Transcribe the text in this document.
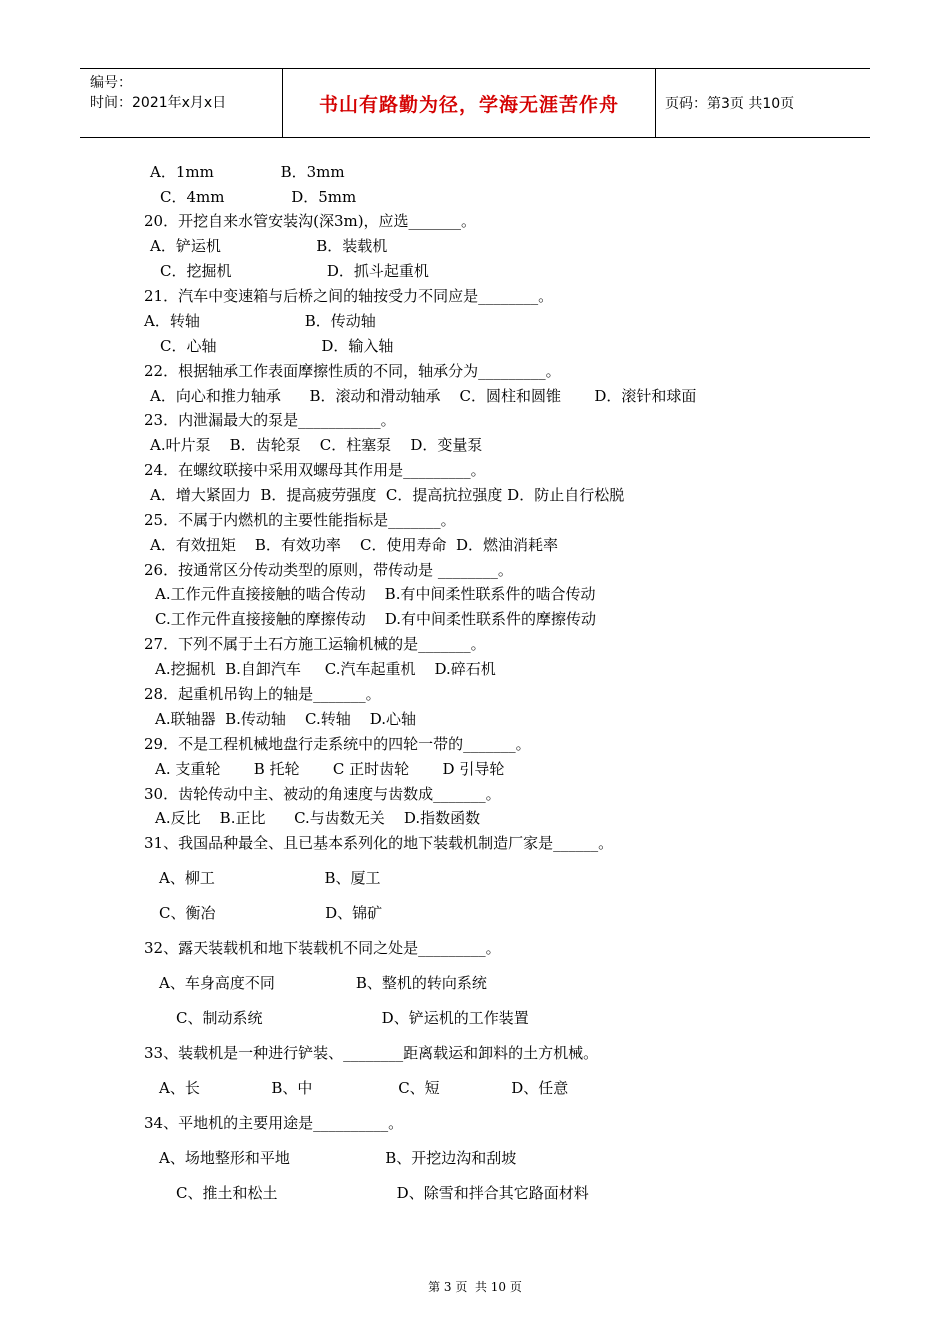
编号：
时间：2021年x月x日	书山有路勤为径，学海无涯苦作舟	页码：第3页 共10页
A．1mm              B．3mm
C．4mm              D．5mm
20．开挖自来水管安装沟(深3m)，应选_______。
A．铲运机                    B．装载机
C．挖掘机                    D．抓斗起重机
21．汽车中变速箱与后桥之间的轴按受力不同应是________。
A．转轴                      B．传动轴
C．心轴                      D．输入轴
22．根据轴承工作表面摩擦性质的不同，轴承分为_________。
A．向心和推力轴承      B．滚动和滑动轴承    C．圆柱和圆锥       D．滚针和球面
23．内泄漏最大的泵是___________。
A.叶片泵    B．齿轮泵    C．柱塞泵    D．变量泵
24．在螺纹联接中采用双螺母其作用是_________。
A．增大紧固力  B．提高疲劳强度  C．提高抗拉强度 D．防止自行松脱
25．不属于内燃机的主要性能指标是_______。
A．有效扭矩    B．有效功率    C．使用寿命  D．燃油消耗率
26．按通常区分传动类型的原则，带传动是 ________。
A.工作元件直接接触的啮合传动    B.有中间柔性联系件的啮合传动
C.工作元件直接接触的摩擦传动    D.有中间柔性联系件的摩擦传动
27．下列不属于土石方施工运输机械的是_______。
A.挖掘机  B.自卸汽车     C.汽车起重机    D.碎石机
28．起重机吊钩上的轴是_______。
A.联轴器  B.传动轴    C.转轴    D.心轴
29．不是工程机械地盘行走系统中的四轮一带的_______。
A. 支重轮       B 托轮       C 正时齿轮       D 引导轮
30．齿轮传动中主、被动的角速度与齿数成_______。
A.反比    B.正比      C.与齿数无关    D.指数函数
31、我国品种最全、且已基本系列化的地下装载机制造厂家是______。
A、柳工                       B、厦工
C、衡冶                       D、锦矿
32、露天装载机和地下装载机不同之处是_________。
A、车身高度不同                 B、整机的转向系统
C、制动系统                         D、铲运机的工作装置
33、装载机是一种进行铲装、________距离载运和卸料的土方机械。
A、长               B、中                  C、短               D、任意
34、平地机的主要用途是__________。
A、场地整形和平地                    B、开挖边沟和刮坡
C、推土和松土                         D、除雪和拌合其它路面材料
第 3 页  共 10 页
